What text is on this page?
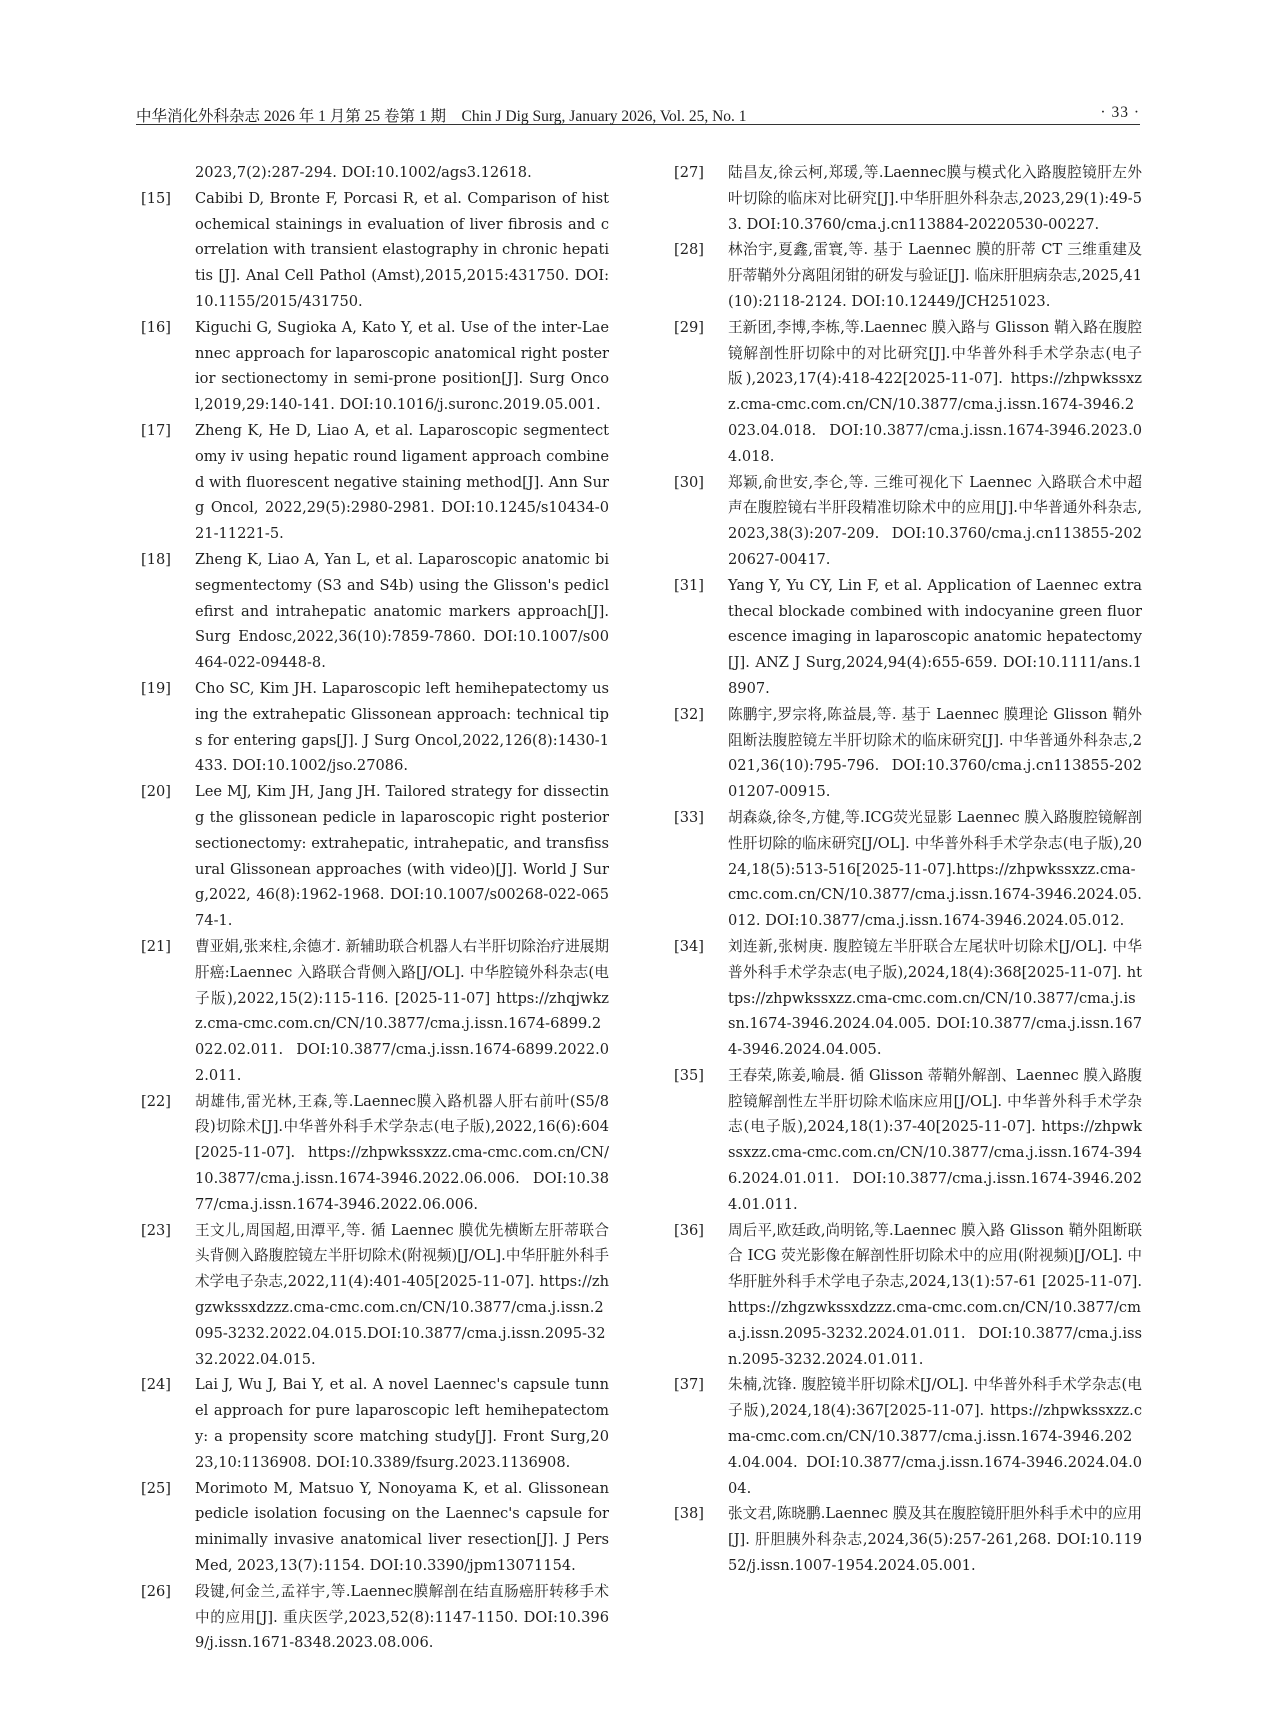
中华消化外科杂志 2026 年 1 月第 25 卷第 1 期　Chin J Dig Surg, January 2026, Vol. 25, No. 1	· 33 ·
2023,7(2):287-294. DOI:10.1002/ags3.12618.
[15] Cabibi D, Bronte F, Porcasi R, et al. Comparison of histochemical stainings in evaluation of liver fibrosis and correlation with transient elastography in chronic hepatitis [J]. Anal Cell Pathol (Amst),2015,2015:431750. DOI:10.1155/2015/431750.
[16] Kiguchi G, Sugioka A, Kato Y, et al. Use of the inter-Laennec approach for laparoscopic anatomical right posterior sectionectomy in semi-prone position[J]. Surg Oncol,2019,29:140-141. DOI:10.1016/j.suronc.2019.05.001.
[17] Zheng K, He D, Liao A, et al. Laparoscopic segmentectomy iv using hepatic round ligament approach combined with fluorescent negative staining method[J]. Ann Surg Oncol, 2022,29(5):2980-2981. DOI:10.1245/s10434-021-11221-5.
[18] Zheng K, Liao A, Yan L, et al. Laparoscopic anatomic bisegmentectomy (S3 and S4b) using the Glisson's pediclefirst and intrahepatic anatomic markers approach[J]. Surg Endosc,2022,36(10):7859-7860. DOI:10.1007/s00464-022-09448-8.
[19] Cho SC, Kim JH. Laparoscopic left hemihepatectomy using the extrahepatic Glissonean approach: technical tips for entering gaps[J]. J Surg Oncol,2022,126(8):1430-1433. DOI:10.1002/jso.27086.
[20] Lee MJ, Kim JH, Jang JH. Tailored strategy for dissecting the glissonean pedicle in laparoscopic right posterior sectionectomy: extrahepatic, intrahepatic, and transfissural Glissonean approaches (with video)[J]. World J Surg,2022, 46(8):1962-1968. DOI:10.1007/s00268-022-06574-1.
[21] 曹亚娟,张来柱,余德才. 新辅助联合机器人右半肝切除治疗进展期肝癌:Laennec 入路联合背侧入路[J/OL]. 中华腔镜外科杂志(电子版),2022,15(2):115-116. [2025-11-07] https://zhqjwkzz.cma-cmc.com.cn/CN/10.3877/cma.j.issn.1674-6899.2022.02.011. DOI:10.3877/cma.j.issn.1674-6899.2022.02.011.
[22] 胡雄伟,雷光林,王森,等.Laennec膜入路机器人肝右前叶(S5/8段)切除术[J].中华普外科手术学杂志(电子版),2022,16(6):604[2025-11-07]. https://zhpwkssxzz.cma-cmc.com.cn/CN/10.3877/cma.j.issn.1674-3946.2022.06.006. DOI:10.3877/cma.j.issn.1674-3946.2022.06.006.
[23] 王文儿,周国超,田潭平,等. 循 Laennec 膜优先横断左肝蒂联合头背侧入路腹腔镜左半肝切除术(附视频)[J/OL].中华肝脏外科手术学电子杂志,2022,11(4):401-405[2025-11-07]. https://zhgzwkssxdzzz.cma-cmc.com.cn/CN/10.3877/cma.j.issn.2095-3232.2022.04.015.DOI:10.3877/cma.j.issn.2095-3232.2022.04.015.
[24] Lai J, Wu J, Bai Y, et al. A novel Laennec's capsule tunnel approach for pure laparoscopic left hemihepatectomy: a propensity score matching study[J]. Front Surg,2023,10:1136908. DOI:10.3389/fsurg.2023.1136908.
[25] Morimoto M, Matsuo Y, Nonoyama K, et al. Glissonean pedicle isolation focusing on the Laennec's capsule for minimally invasive anatomical liver resection[J]. J Pers Med, 2023,13(7):1154. DOI:10.3390/jpm13071154.
[26] 段键,何金兰,孟祥宇,等.Laennec膜解剖在结直肠癌肝转移手术中的应用[J]. 重庆医学,2023,52(8):1147-1150. DOI:10.3969/j.issn.1671-8348.2023.08.006.
[27] 陆昌友,徐云柯,郑瑗,等.Laennec膜与模式化入路腹腔镜肝左外叶切除的临床对比研究[J].中华肝胆外科杂志,2023,29(1):49-53. DOI:10.3760/cma.j.cn113884-20220530-00227.
[28] 林治宇,夏鑫,雷寰,等. 基于 Laennec 膜的肝蒂 CT 三维重建及肝蒂鞘外分离阻闭钳的研发与验证[J]. 临床肝胆病杂志,2025,41(10):2118-2124. DOI:10.12449/JCH251023.
[29] 王新团,李博,李栋,等.Laennec 膜入路与 Glisson 鞘入路在腹腔镜解剖性肝切除中的对比研究[J].中华普外科手术学杂志(电子版),2023,17(4):418-422[2025-11-07]. https://zhpwkssxzz.cma-cmc.com.cn/CN/10.3877/cma.j.issn.1674-3946.2023.04.018. DOI:10.3877/cma.j.issn.1674-3946.2023.04.018.
[30] 郑颖,俞世安,李仑,等. 三维可视化下 Laennec 入路联合术中超声在腹腔镜右半肝段精准切除术中的应用[J].中华普通外科杂志,2023,38(3):207-209. DOI:10.3760/cma.j.cn113855-20220627-00417.
[31] Yang Y, Yu CY, Lin F, et al. Application of Laennec extrathecal blockade combined with indocyanine green fluorescence imaging in laparoscopic anatomic hepatectomy[J]. ANZ J Surg,2024,94(4):655-659. DOI:10.1111/ans.18907.
[32] 陈鹏宇,罗宗将,陈益晨,等. 基于 Laennec 膜理论 Glisson 鞘外阻断法腹腔镜左半肝切除术的临床研究[J]. 中华普通外科杂志,2021,36(10):795-796. DOI:10.3760/cma.j.cn113855-20201207-00915.
[33] 胡森焱,徐冬,方健,等.ICG荧光显影 Laennec 膜入路腹腔镜解剖性肝切除的临床研究[J/OL]. 中华普外科手术学杂志(电子版),2024,18(5):513-516[2025-11-07].https://zhpwkssxzz.cma-cmc.com.cn/CN/10.3877/cma.j.issn.1674-3946.2024.05.012. DOI:10.3877/cma.j.issn.1674-3946.2024.05.012.
[34] 刘连新,张树庚. 腹腔镜左半肝联合左尾状叶切除术[J/OL]. 中华普外科手术学杂志(电子版),2024,18(4):368[2025-11-07]. https://zhpwkssxzz.cma-cmc.com.cn/CN/10.3877/cma.j.issn.1674-3946.2024.04.005. DOI:10.3877/cma.j.issn.1674-3946.2024.04.005.
[35] 王春荣,陈姜,喻晨. 循 Glisson 蒂鞘外解剖、Laennec 膜入路腹腔镜解剖性左半肝切除术临床应用[J/OL]. 中华普外科手术学杂志(电子版),2024,18(1):37-40[2025-11-07]. https://zhpwkssxzz.cma-cmc.com.cn/CN/10.3877/cma.j.issn.1674-3946.2024.01.011. DOI:10.3877/cma.j.issn.1674-3946.2024.01.011.
[36] 周后平,欧廷政,尚明铭,等.Laennec 膜入路 Glisson 鞘外阻断联合 ICG 荧光影像在解剖性肝切除术中的应用(附视频)[J/OL]. 中华肝脏外科手术学电子杂志,2024,13(1):57-61 [2025-11-07]. https://zhgzwkssxdzzz.cma-cmc.com.cn/CN/10.3877/cma.j.issn.2095-3232.2024.01.011. DOI:10.3877/cma.j.issn.2095-3232.2024.01.011.
[37] 朱楠,沈锋. 腹腔镜半肝切除术[J/OL]. 中华普外科手术学杂志(电子版),2024,18(4):367[2025-11-07]. https://zhpwkssxzz.cma-cmc.com.cn/CN/10.3877/cma.j.issn.1674-3946.2024.04.004. DOI:10.3877/cma.j.issn.1674-3946.2024.04.004.
[38] 张文君,陈晓鹏.Laennec 膜及其在腹腔镜肝胆外科手术中的应用[J]. 肝胆胰外科杂志,2024,36(5):257-261,268. DOI:10.11952/j.issn.1007-1954.2024.05.001.
